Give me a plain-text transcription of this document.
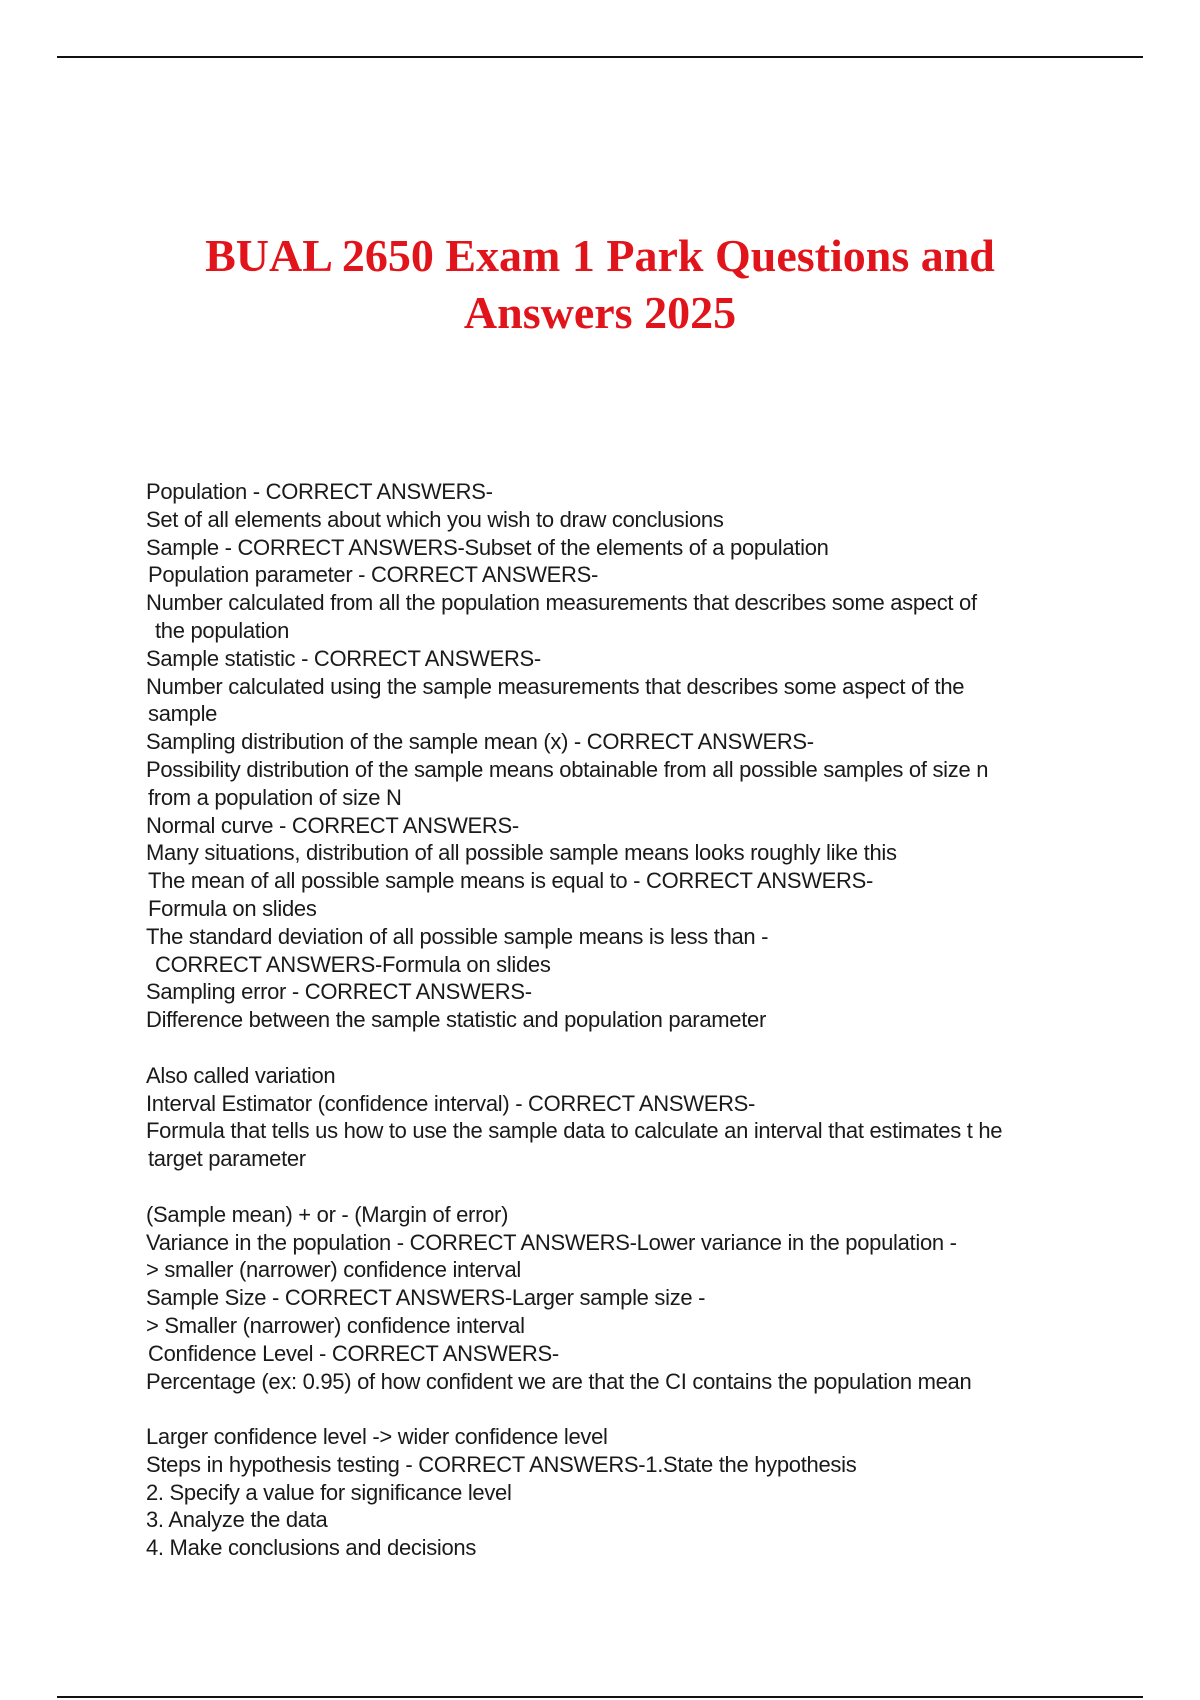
BUAL 2650 Exam 1 Park Questions and
Answers 2025
Population - CORRECT ANSWERS-
Set of all elements about which you wish to draw conclusions
Sample - CORRECT ANSWERS-Subset of the elements of a population
Population parameter - CORRECT ANSWERS-
Number calculated from all the population measurements that describes some aspect of
the population
Sample statistic - CORRECT ANSWERS-
Number calculated using the sample measurements that describes some aspect of the
sample
Sampling distribution of the sample mean (x) - CORRECT ANSWERS-
Possibility distribution of the sample means obtainable from all possible samples of size n
from a population of size N
Normal curve - CORRECT ANSWERS-
Many situations, distribution of all possible sample means looks roughly like this
The mean of all possible sample means is equal to - CORRECT ANSWERS-
Formula on slides
The standard deviation of all possible sample means is less than -
CORRECT ANSWERS-Formula on slides
Sampling error - CORRECT ANSWERS-
Difference between the sample statistic and population parameter
Also called variation
Interval Estimator (confidence interval) - CORRECT ANSWERS-
Formula that tells us how to use the sample data to calculate an interval that estimates t he
target parameter
(Sample mean) + or - (Margin of error)
Variance in the population - CORRECT ANSWERS-Lower variance in the population -
> smaller (narrower) confidence interval
Sample Size - CORRECT ANSWERS-Larger sample size -
> Smaller (narrower) confidence interval
Confidence Level - CORRECT ANSWERS-
Percentage (ex: 0.95) of how confident we are that the CI contains the population mean
Larger confidence level -> wider confidence level
Steps in hypothesis testing - CORRECT ANSWERS-1.State the hypothesis
2. Specify a value for significance level
3. Analyze the data
4. Make conclusions and decisions
